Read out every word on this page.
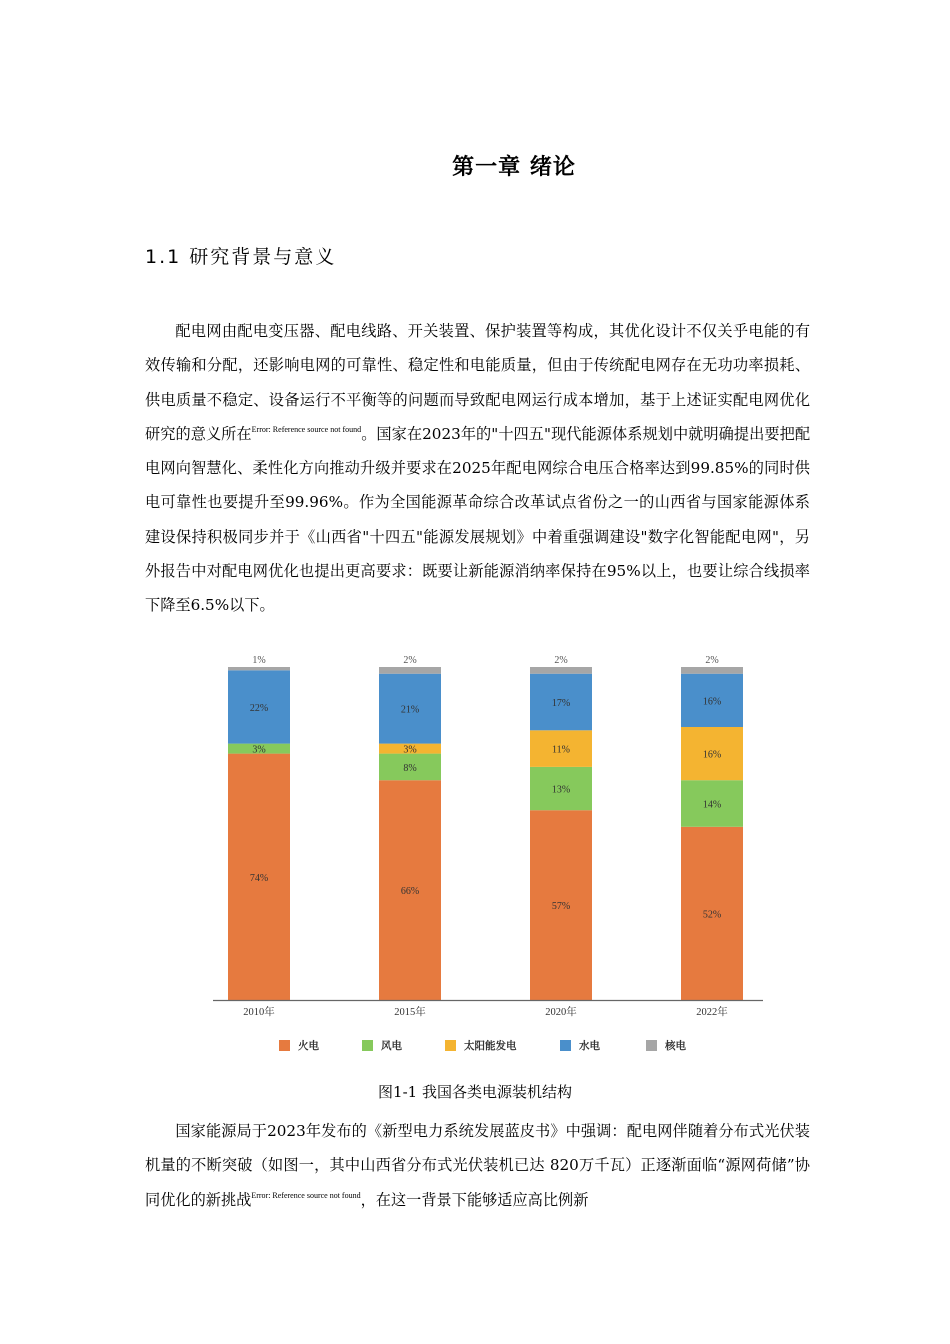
第一章 绪论
1.1 研究背景与意义

配电网由配电变压器、配电线路、开关装置、保护装置等构成，其优化设计不仅关乎电能的有效传输和分配，还影响电网的可靠性、稳定性和电能质量，但由于传统配电网存在无功功率损耗、供电质量不稳定、设备运行不平衡等的问题而导致配电网运行成本增加，基于上述证实配电网优化研究的意义所在$^{Error: Reference source not found}$。国家在2023年的"十四五"现代能源体系规划中就明确提出要把配电网向智慧化、柔性化方向推动升级并要求在2025年配电网综合电压合格率达到99.85%的同时供电可靠性也要提升至99.96%。作为全国能源革命综合改革试点省份之一的山西省与国家能源体系建设保持积极同步并于《山西省"十四五"能源发展规划》中着重强调建设"数字化智能配电网"，另外报告中对配电网优化也提出更高要求：既要让新能源消纳率保持在95%以上，也要让综合线损率下降至6.5%以下。

74%
3%
22%
1%
2010年
66%
8%
3%
21%
2%
2015年
57%
13%
11%
17%
2%
2020年
52%
14%
16%
16%
2%
2022年
火电	风电	太阳能发电	水电	核电
图1-1 我国各类电源装机结构

国家能源局于2023年发布的《新型电力系统发展蓝皮书》中强调：配电网伴随着分布式光伏装机量的不断突破（如图一，其中山西省分布式光伏装机已达 820万千瓦）正逐渐面临“源网荷储”协同优化的新挑战$^{Error: Reference source not found}$，在这一背景下能够适应高比例新
